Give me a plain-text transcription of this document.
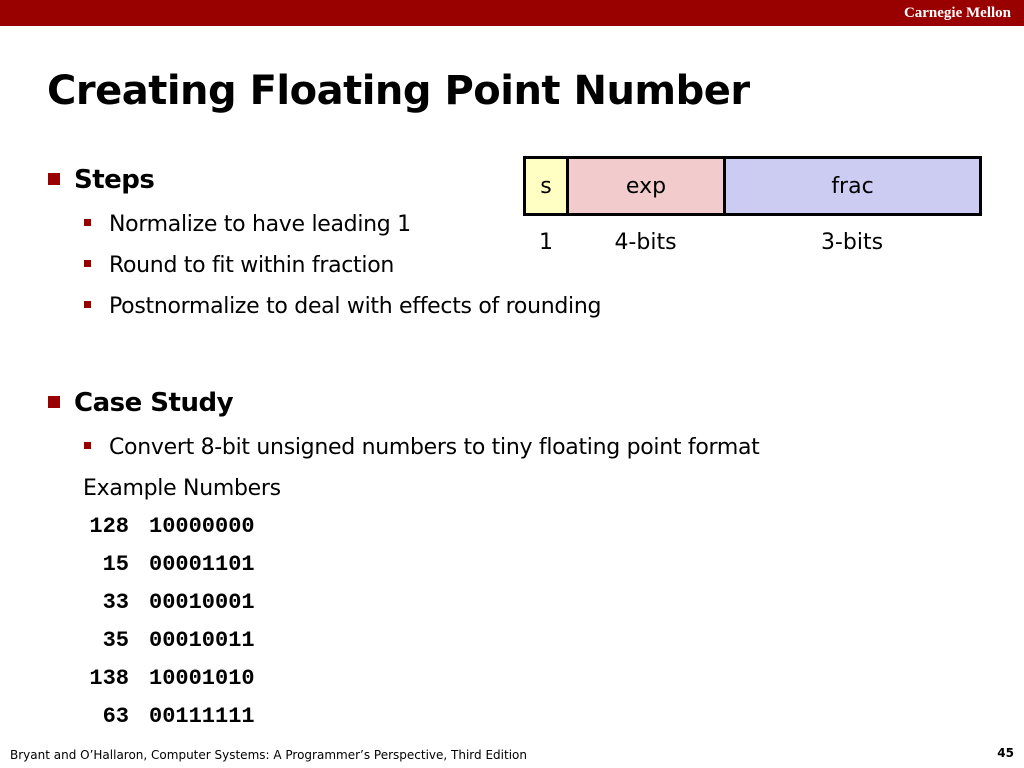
Carnegie Mellon
Creating Floating Point Number
Steps
Normalize to have leading 1
Round to fit within fraction
Postnormalize to deal with effects of rounding
s	exp	frac
1	4-bits	3-bits
Case Study
Convert 8-bit unsigned numbers to tiny floating point format
Example Numbers
128 10000000
15 00001101
33 00010001
35 00010011
138 10001010
63 00111111
Bryant and O’Hallaron, Computer Systems: A Programmer’s Perspective, Third Edition	45
